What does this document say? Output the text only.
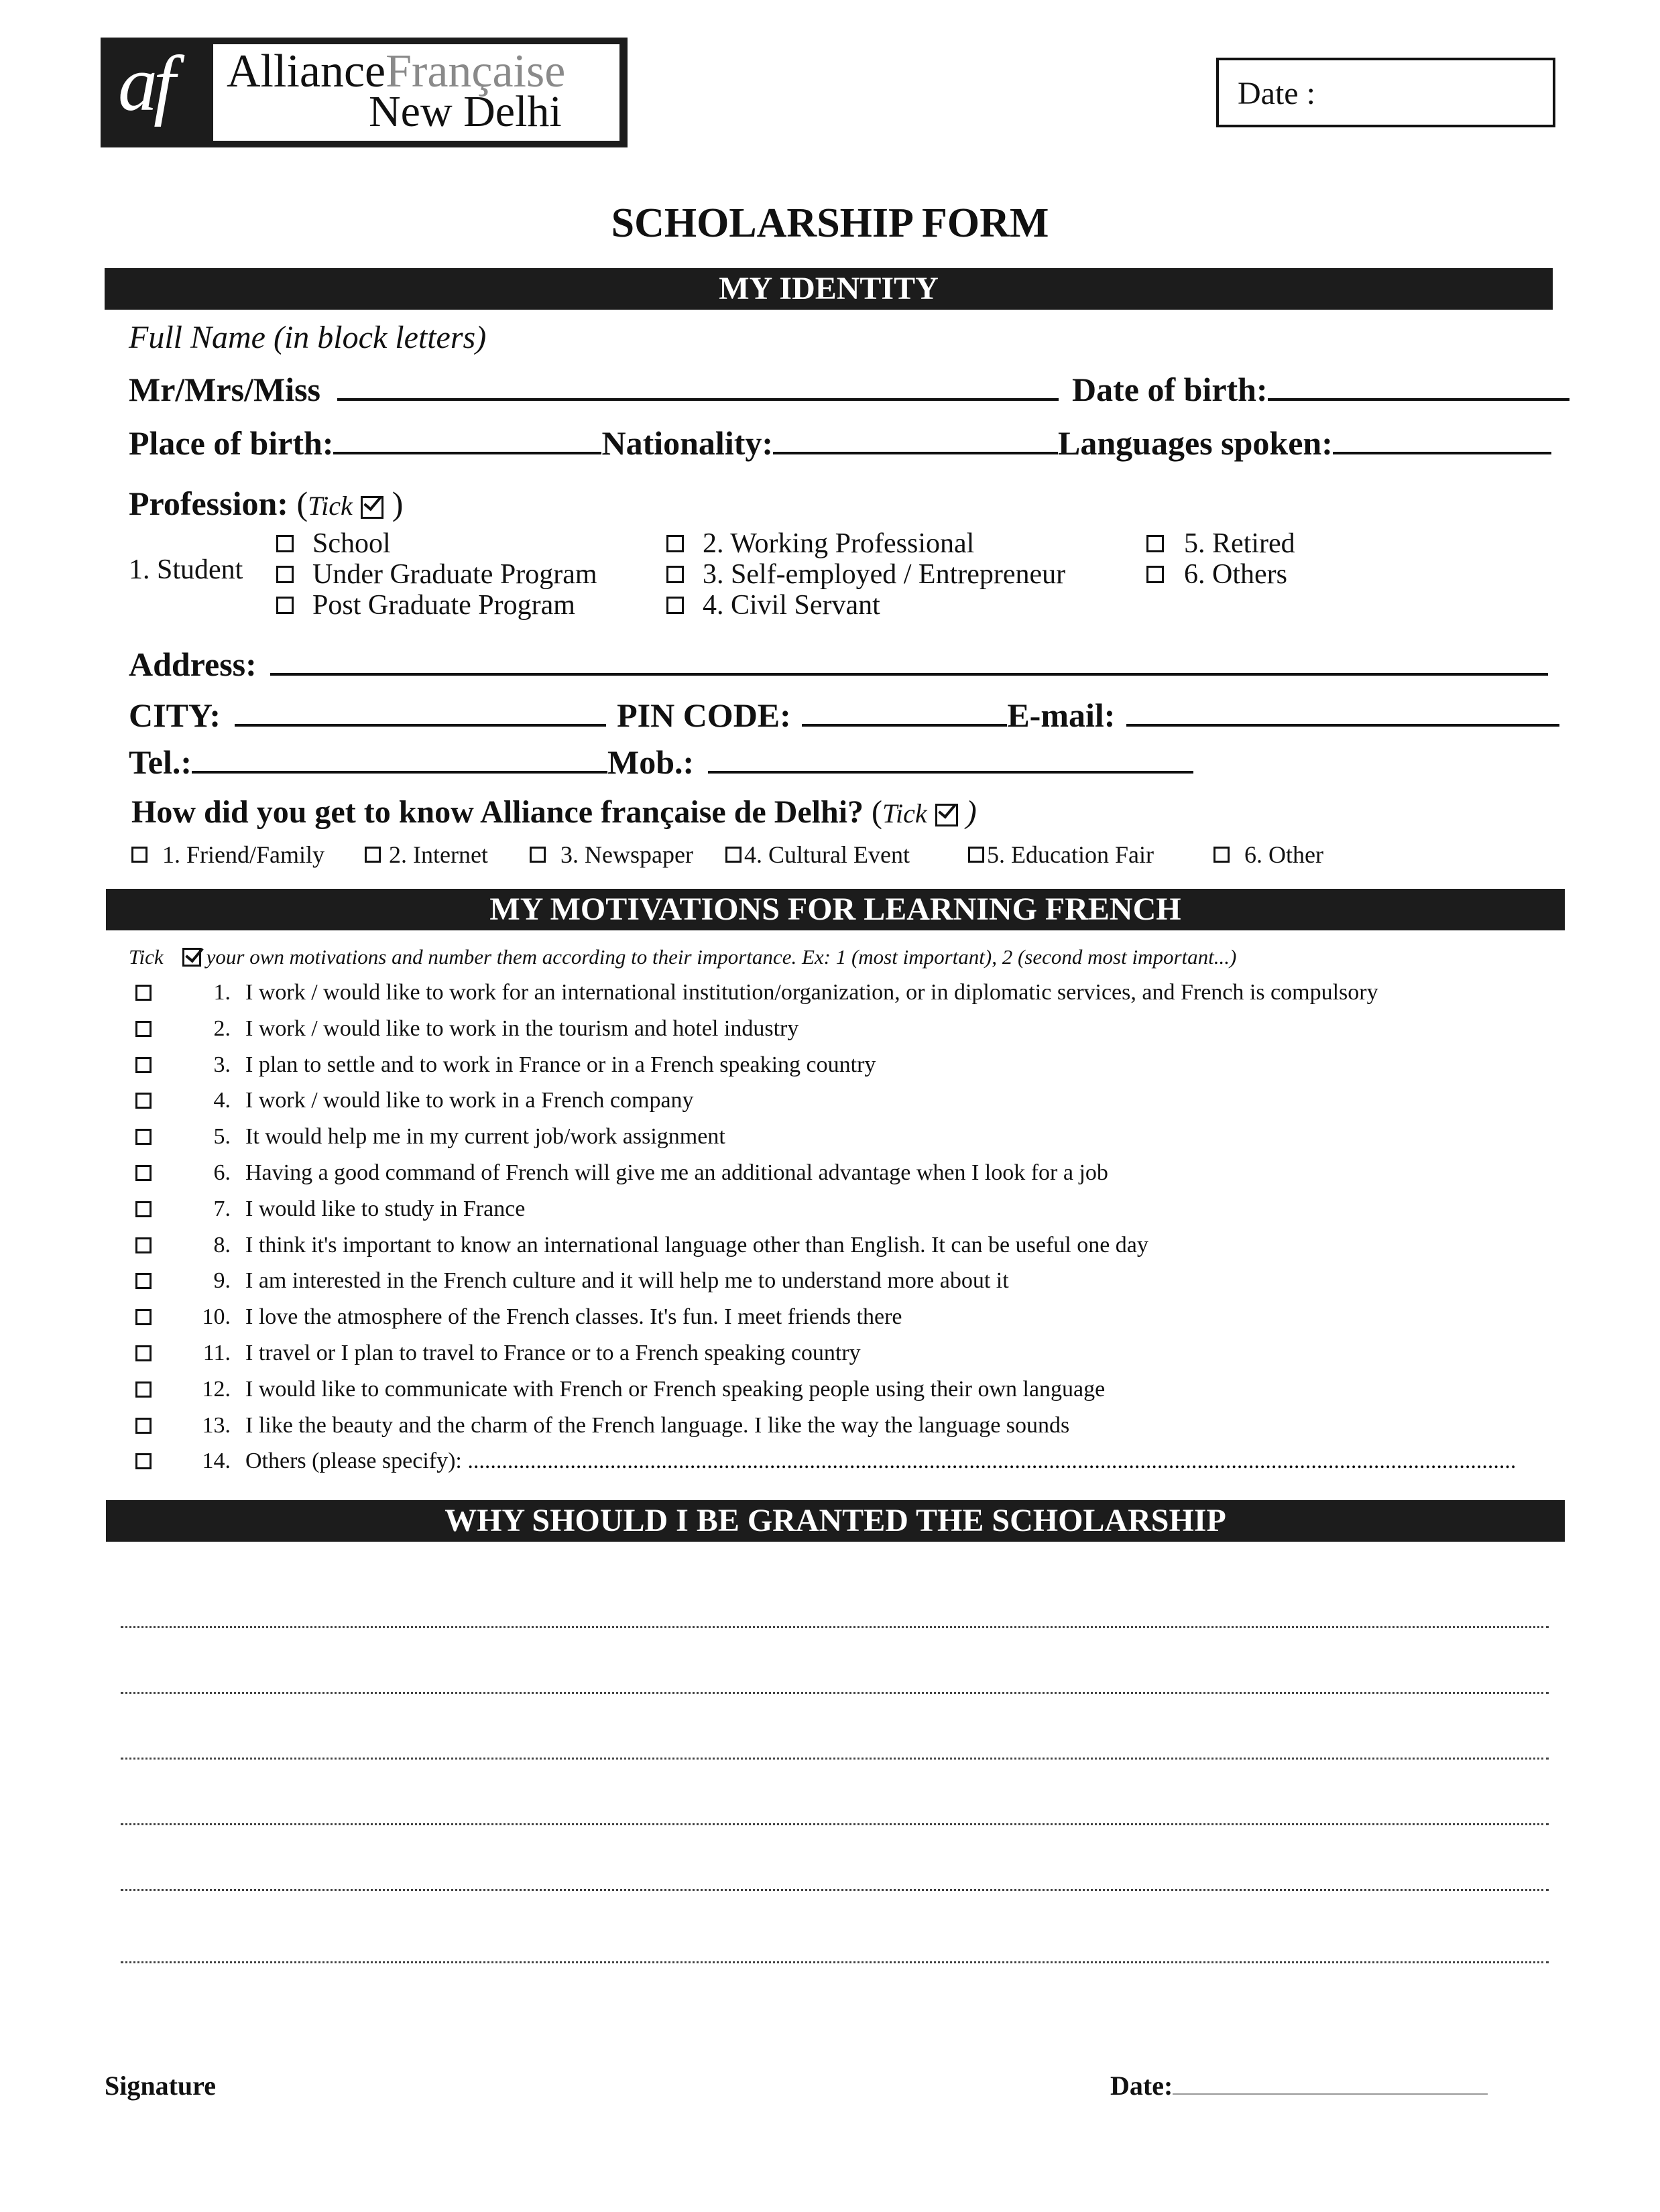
af AllianceFrançaise
New Delhi	Date :
SCHOLARSHIP FORM
MY IDENTITY
Full Name (in block letters)
Mr/Mrs/Miss	Date of birth:
Place of birth:	Nationality:	Languages spoken:
Profession: (Tick )
1. Student
School
Under Graduate Program
Post Graduate Program
2. Working Professional
3. Self-employed / Entrepreneur
4. Civil Servant
5. Retired
6. Others
Address:
CITY:	PIN CODE:	E-mail:
Tel.:	Mob.:
How did you get to know Alliance française de Delhi? (Tick )
1. Friend/Family	2. Internet	3. Newspaper 4. Cultural Event	5. Education Fair	6. Other
MY MOTIVATIONS FOR LEARNING FRENCH
Tick your own motivations and number them according to their importance. Ex: 1 (most important), 2 (second most important...)
1. I work / would like to work for an international institution/organization, or in diplomatic services, and French is compulsory
2. I work / would like to work in the tourism and hotel industry
3. I plan to settle and to work in France or in a French speaking country
4. I work / would like to work in a French company
5. It would help me in my current job/work assignment
6. Having a good command of French will give me an additional advantage when I look for a job
7. I would like to study in France
8. I think it's important to know an international language other than English. It can be useful one day
9. I am interested in the French culture and it will help me to understand more about it
10. I love the atmosphere of the French classes. It's fun. I meet friends there
11. I travel or I plan to travel to France or to a French speaking country
12. I would like to communicate with French or French speaking people using their own language
13. I like the beauty and the charm of the French language. I like the way the language sounds
14. Others (please specify): ........................................................................................................................................................................................
WHY SHOULD I BE GRANTED THE SCHOLARSHIP
Signature	Date:
